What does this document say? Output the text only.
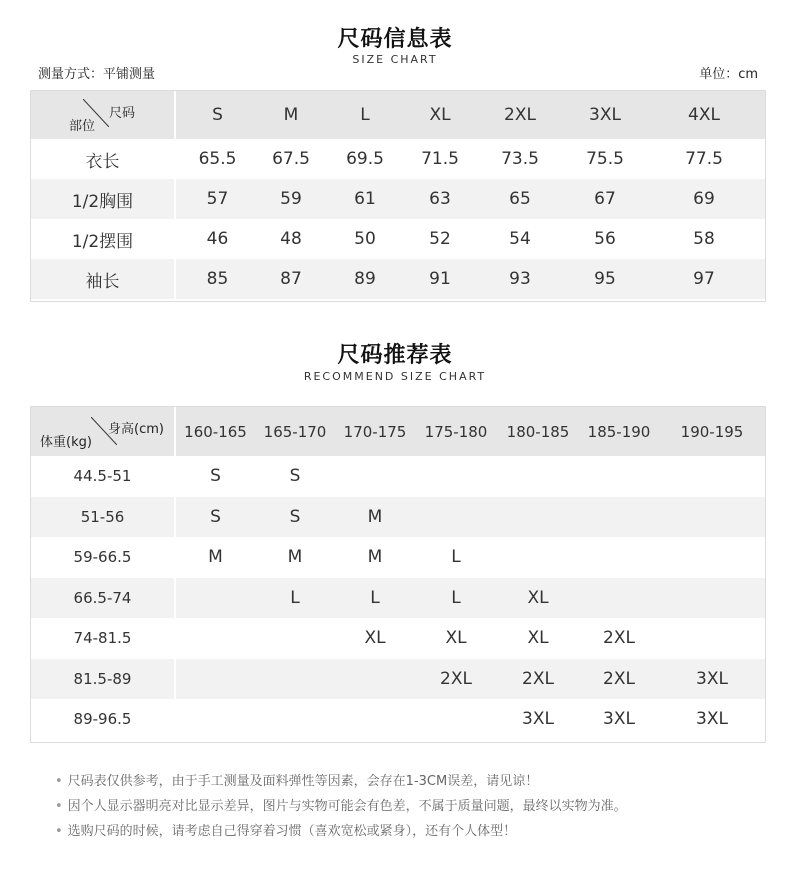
尺码信息表
SIZE CHART
测量方式：平铺测量	单位：cm
尺码
部位	S	M	L	XL	2XL	3XL	4XL
衣长	65.5	67.5	69.5	71.5	73.5	75.5	77.5
1/2胸围	57	59	61	63	65	67	69
1/2摆围	46	48	50	52	54	56	58
袖长	85	87	89	91	93	95	97
尺码推荐表
RECOMMEND SIZE CHART
身高(cm)
体重(kg)	160-165	165-170	170-175	175-180	180-185	185-190	190-195
44.5-51	S	S					
51-56	S	S	M				
59-66.5	M	M	M	L			
66.5-74		L	L	L	XL		
74-81.5			XL	XL	XL	2XL	
81.5-89				2XL	2XL	2XL	3XL
89-96.5					3XL	3XL	3XL
• 尺码表仅供参考，由于手工测量及面料弹性等因素，会存在1-3CM误差，请见谅！
• 因个人显示器明亮对比显示差异，图片与实物可能会有色差，不属于质量问题，最终以实物为准。
• 选购尺码的时候，请考虑自己得穿着习惯（喜欢宽松或紧身），还有个人体型！
